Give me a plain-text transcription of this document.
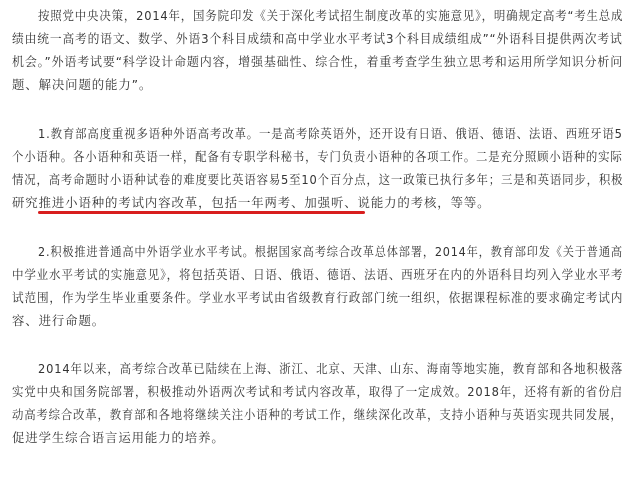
按照党中央决策，2014年，国务院印发《关于深化考试招生制度改革的实施意见》，明确规定高考“考生总成
绩由统一高考的语文、数学、外语3个科目成绩和高中学业水平考试3个科目成绩组成”“外语科目提供两次考试
机会。”外语考试要“科学设计命题内容，增强基础性、综合性，着重考查学生独立思考和运用所学知识分析问
题、解决问题的能力”。
1.教育部高度重视多语种外语高考改革。一是高考除英语外，还开设有日语、俄语、德语、法语、西班牙语5
个小语种。各小语种和英语一样，配备有专职学科秘书，专门负责小语种的各项工作。二是充分照顾小语种的实际
情况，高考命题时小语种试卷的难度要比英语容易5至10个百分点，这一政策已执行多年；三是和英语同步，积极
研究推进小语种的考试内容改革，包括一年两考、加强听、说能力的考核，等等。
2.积极推进普通高中外语学业水平考试。根据国家高考综合改革总体部署，2014年，教育部印发《关于普通高
中学业水平考试的实施意见》，将包括英语、日语、俄语、德语、法语、西班牙在内的外语科目均列入学业水平考
试范围，作为学生毕业重要条件。学业水平考试由省级教育行政部门统一组织，依据课程标准的要求确定考试内
容、进行命题。
2014年以来，高考综合改革已陆续在上海、浙江、北京、天津、山东、海南等地实施，教育部和各地积极落
实党中央和国务院部署，积极推动外语两次考试和考试内容改革，取得了一定成效。2018年，还将有新的省份启
动高考综合改革，教育部和各地将继续关注小语种的考试工作，继续深化改革，支持小语种与英语实现共同发展，
促进学生综合语言运用能力的培养。
